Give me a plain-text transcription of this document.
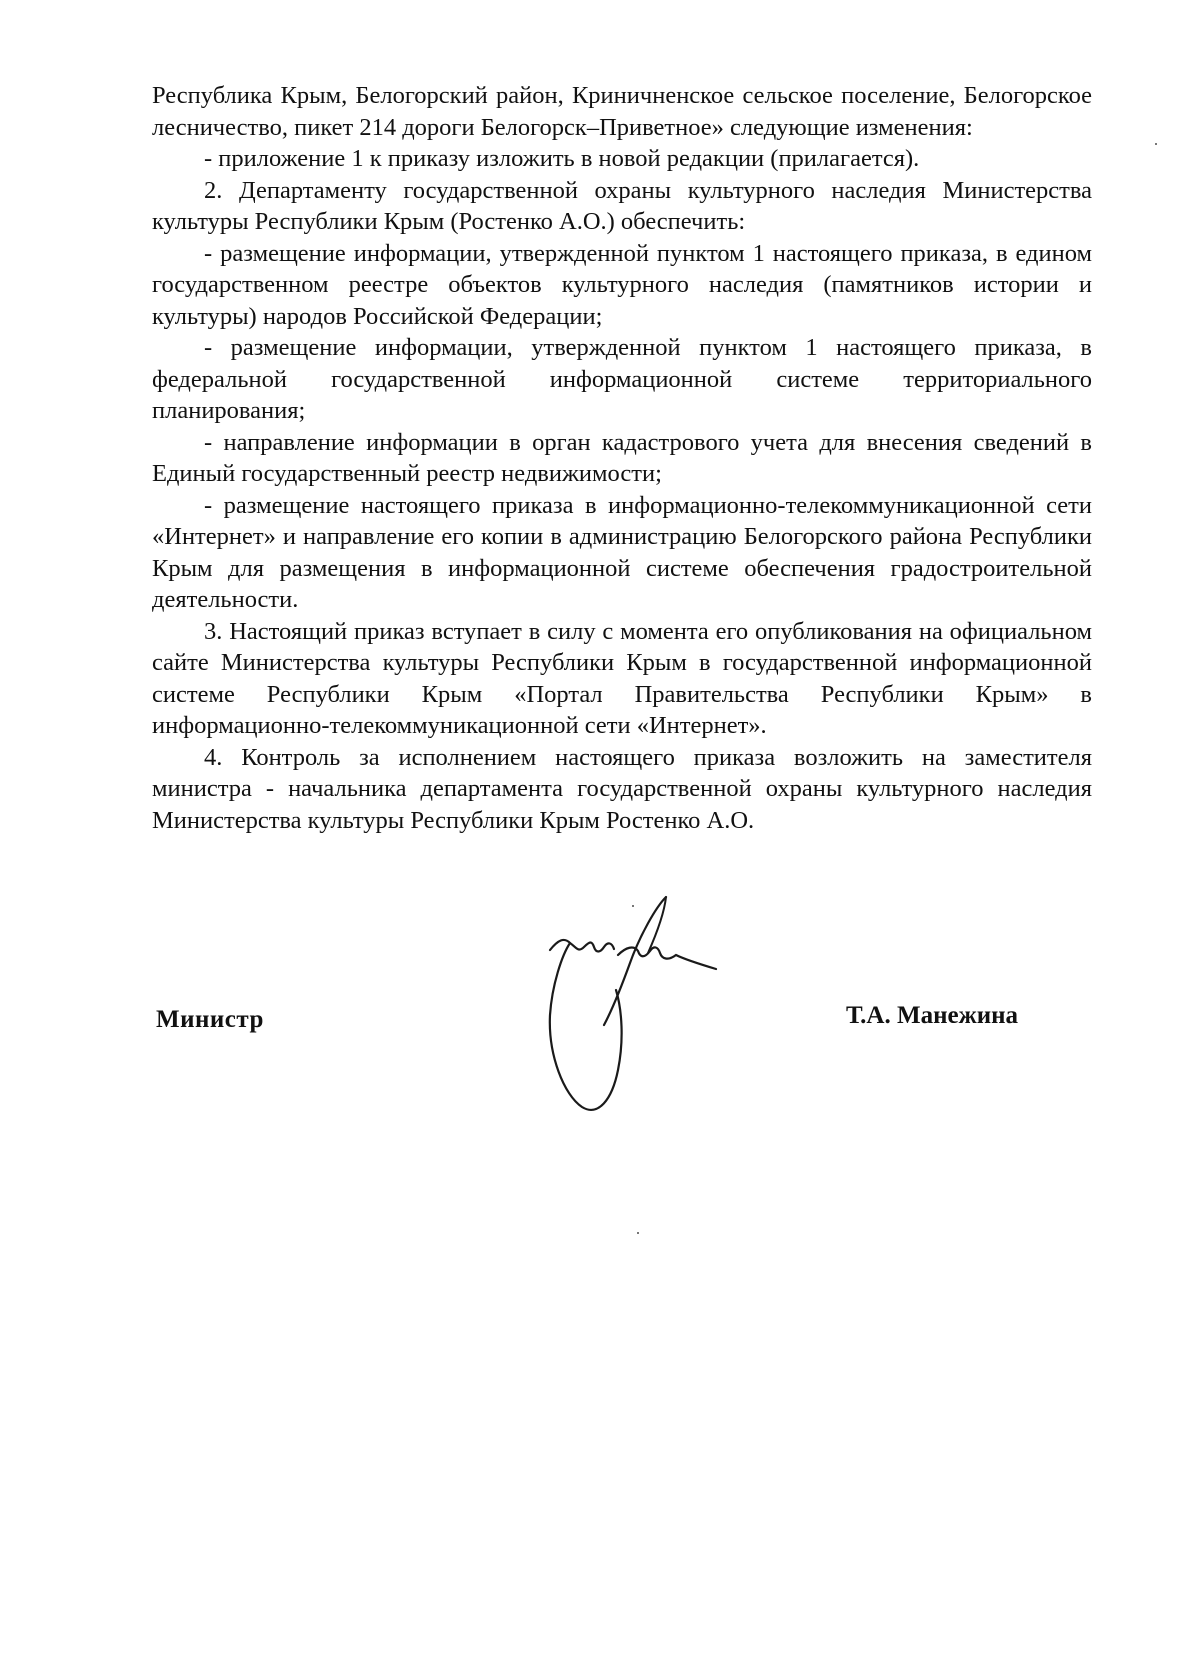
Республика Крым, Белогорский район, Криничненское сельское поселение, Белогорское лесничество, пикет 214 дороги Белогорск–Приветное» следующие изменения:

- приложение 1 к приказу изложить в новой редакции (прилагается).

2. Департаменту государственной охраны культурного наследия Министерства культуры Республики Крым (Ростенко А.О.) обеспечить:

- размещение информации, утвержденной пунктом 1 настоящего приказа, в едином государственном реестре объектов культурного наследия (памятников истории и культуры) народов Российской Федерации;

- размещение информации, утвержденной пунктом 1 настоящего приказа, в федеральной государственной информационной системе территориального планирования;

- направление информации в орган кадастрового учета для внесения сведений в Единый государственный реестр недвижимости;

- размещение настоящего приказа в информационно-телекоммуникационной сети «Интернет» и направление его копии в администрацию Белогорского района Республики Крым для размещения в информационной системе обеспечения градостроительной деятельности.

3. Настоящий приказ вступает в силу с момента его опубликования на официальном сайте Министерства культуры Республики Крым в государственной информационной системе Республики Крым «Портал Правительства Республики Крым» в информационно-телекоммуникационной сети «Интернет».

4. Контроль за исполнением настоящего приказа возложить на заместителя министра - начальника департамента государственной охраны культурного наследия Министерства культуры Республики Крым Ростенко А.О.

Министр	Т.А. Манежина
